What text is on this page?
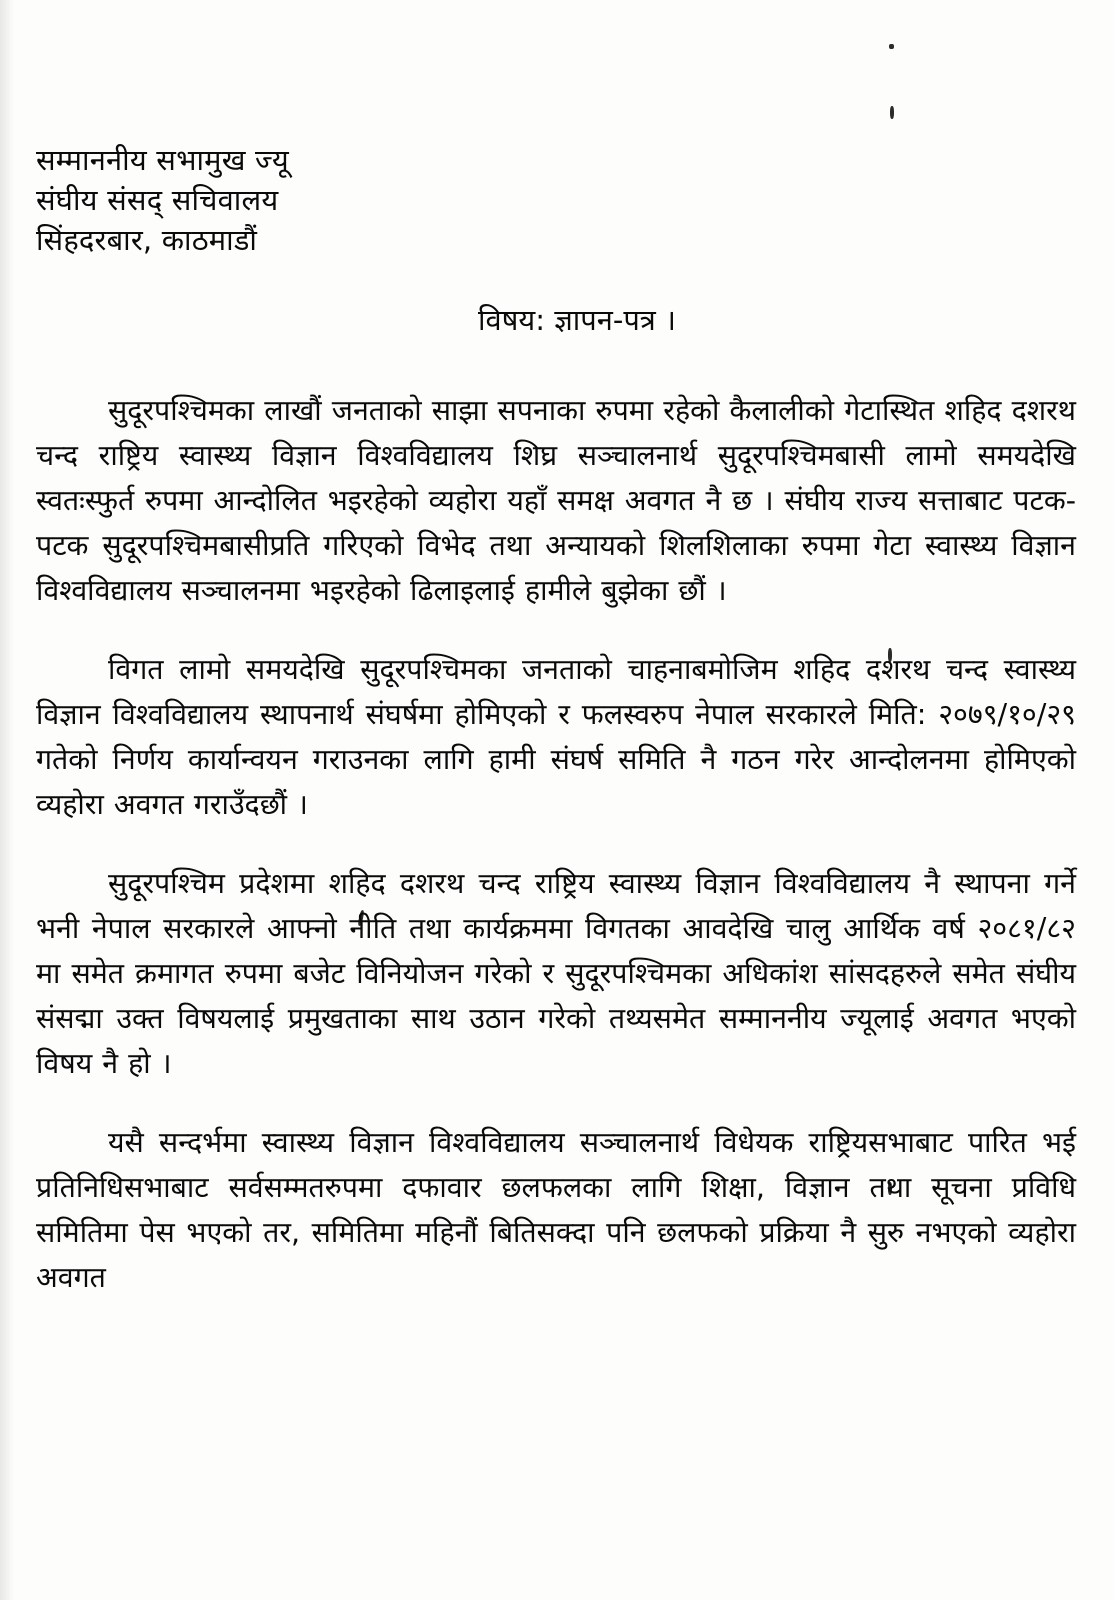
सम्माननीय सभामुख ज्यू
संघीय संसद् सचिवालय
सिंहदरबार, काठमाडौं
विषय: ज्ञापन-पत्र ।

सुदूरपश्चिमका लाखौं जनताको साझा सपनाका रुपमा रहेको कैलालीको गेटास्थित शहिद दशरथ चन्द राष्ट्रिय स्वास्थ्य विज्ञान विश्वविद्यालय शिघ्र सञ्चालनार्थ सुदूरपश्चिमबासी लामो समयदेखि स्वतःस्फुर्त रुपमा आन्दोलित भइरहेको व्यहोरा यहाँ समक्ष अवगत नै छ । संघीय राज्य सत्ताबाट पटक-पटक सुदूरपश्चिमबासीप्रति गरिएको विभेद तथा अन्यायको शिलशिलाका रुपमा गेटा स्वास्थ्य विज्ञान विश्वविद्यालय सञ्चालनमा भइरहेको ढिलाइलाई हामीले बुझेका छौं ।

विगत लामो समयदेखि सुदूरपश्चिमका जनताको चाहनाबमोजिम शहिद दशरथ चन्द स्वास्थ्य विज्ञान विश्वविद्यालय स्थापनार्थ संघर्षमा होमिएको र फलस्वरुप नेपाल सरकारले मिति: २०७९/१०/२९ गतेको निर्णय कार्यान्वयन गराउनका लागि हामी संघर्ष समिति नै गठन गरेर आन्दोलनमा होमिएको व्यहोरा अवगत गराउँदछौं ।

सुदूरपश्चिम प्रदेशमा शहिद दशरथ चन्द राष्ट्रिय स्वास्थ्य विज्ञान विश्वविद्यालय नै स्थापना गर्ने भनी नेपाल सरकारले आफ्नो नीति तथा कार्यक्रममा विगतका आवदेखि चालु आर्थिक वर्ष २०८१/८२ मा समेत क्रमागत रुपमा बजेट विनियोजन गरेको र सुदूरपश्चिमका अधिकांश सांसदहरुले समेत संघीय संसद्मा उक्त विषयलाई प्रमुखताका साथ उठान गरेको तथ्यसमेत सम्माननीय ज्यूलाई अवगत भएको विषय नै हो ।

यसै सन्दर्भमा स्वास्थ्य विज्ञान विश्वविद्यालय सञ्चालनार्थ विधेयक राष्ट्रियसभाबाट पारित भई प्रतिनिधिसभाबाट सर्वसम्मतरुपमा दफावार छलफलका लागि शिक्षा, विज्ञान तथा सूचना प्रविधि समितिमा पेस भएको तर, समितिमा महिनौं बितिसक्दा पनि छलफको प्रक्रिया नै सुरु नभएको व्यहोरा अवगत
